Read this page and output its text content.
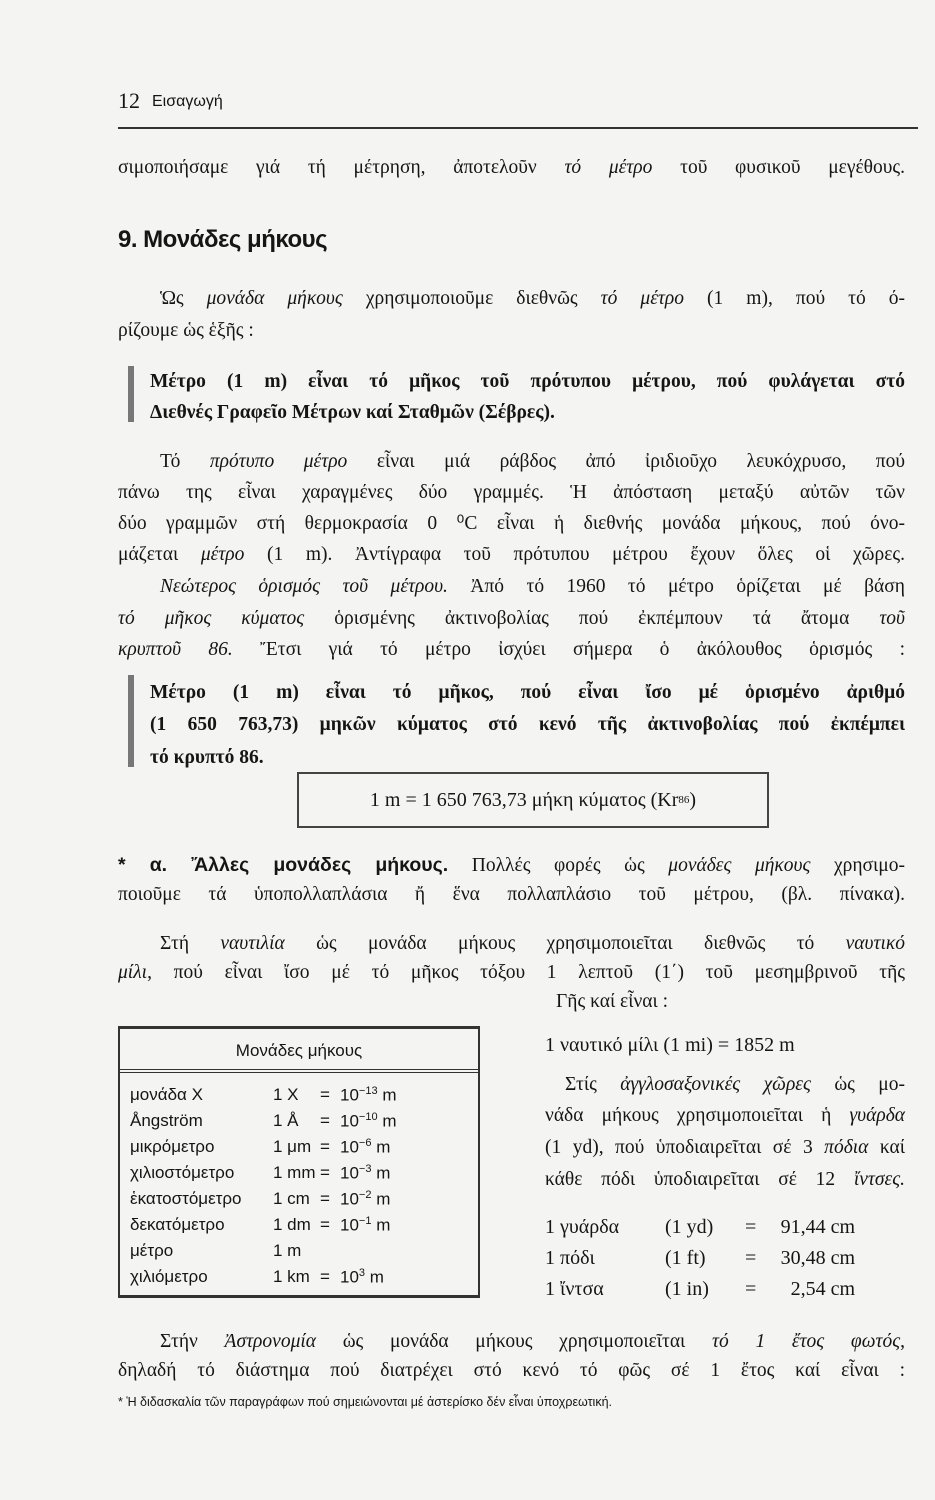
12 Εισαγωγή
σιμοποιήσαμε γιά τή μέτρηση, ἀποτελοῦν τό μέτρο τοῦ φυσικοῦ μεγέθους.
9. Μονάδες μήκους
Ὡς μονάδα μήκους χρησιμοποιοῦμε διεθνῶς τό μέτρο (1 m), πού τό ό-
ρίζουμε ὡς ἑξῆς :
Μέτρο (1 m) εἶναι τό μῆκος τοῦ πρότυπου μέτρου, πού φυλάγεται στό
Διεθνές Γραφεῖο Μέτρων καί Σταθμῶν (Σέβρες).
Τό πρότυπο μέτρο εἶναι μιά ράβδος ἀπό ἰριδιοῦχο λευκόχρυσο, πού
πάνω της εἶναι χαραγμένες δύο γραμμές. Ἡ ἀπόσταση μεταξύ αὐτῶν τῶν
δύο γραμμῶν στή θερμοκρασία 0 ⁰C εἶναι ἡ διεθνής μονάδα μήκους, πού όνο-
μάζεται μέτρο (1 m). Ἀντίγραφα τοῦ πρότυπου μέτρου ἔχουν ὅλες οἱ χῶρες.
Νεώτερος ὁρισμός τοῦ μέτρου. Ἀπό τό 1960 τό μέτρο ὁρίζεται μέ βάση
τό μῆκος κύματος ὁρισμένης ἀκτινοβολίας πού ἐκπέμπουν τά ἄτομα τοῦ
κρυπτοῦ 86. Ἔτσι γιά τό μέτρο ἰσχύει σήμερα ὁ ἀκόλουθος ὁρισμός :
Μέτρο (1 m) εἶναι τό μῆκος, πού εἶναι ἴσο μέ ὁρισμένο ἀριθμό
(1 650 763,73) μηκῶν κύματος στό κενό τῆς ἀκτινοβολίας πού ἐκπέμπει
τό κρυπτό 86.
1 m = 1 650 763,73 μήκη κύματος (Kr 86 )
* α. Ἄλλες μονάδες μήκους. Πολλές φορές ὡς μονάδες μήκους χρησιμο-
ποιοῦμε τά ὑποπολλαπλάσια ἤ ἕνα πολλαπλάσιο τοῦ μέτρου, (βλ. πίνακα).
Στή ναυτιλία ὡς μονάδα μήκους χρησιμοποιεῖται διεθνῶς τό ναυτικό
μίλι, πού εἶναι ἴσο μέ τό μῆκος τόξου 1 λεπτοῦ (1΄) τοῦ μεσημβρινοῦ τῆς
Γῆς καί εἶναι :
Μονάδες μήκους
μονάδα X	1 $X = 10^{-13}$ m
Ångström	1 Å = $10^{-10}$ m
μικρόμετρο	1 $\mu m = 10^{-6}$ m
χιλιοστόμετρο 1 mm = $10^{-3}$ m
ἑκατοστόμετρο 1 cm = $10^{-2}$ m
δεκατόμετρο	1 dm = $10^{-1}$ m
μέτρο	1 m
χιλιόμετρο	1 km = $10^3$ m
1 ναυτικό μίλι (1 mi) = 1852 m
Στίς ἀγγλοσαξονικές χῶρες ὡς μο-
νάδα μήκους χρησιμοποιεῖται ἡ γυάρδα
(1 yd), πού ὑποδιαιρεῖται σέ 3 πόδια καί
κάθε πόδι ὑποδιαιρεῖται σέ 12 ἴντσες.
1 γυάρδα (1 yd) = 91,44 cm
1 πόδι	(1 ft) = 30,48 cm
1 ἴντσα	(1 in) =	2,54 cm
Στήν Ἀστρονομία ὡς μονάδα μήκους χρησιμοποιεῖται τό 1 ἔτος φωτός,
δηλαδή τό διάστημα πού διατρέχει στό κενό τό φῶς σέ 1 ἔτος καί εἶναι :
* Ἡ διδασκαλία τῶν παραγράφων πού σημειώνονται μέ ἀστερίσκο δέν εἶναι ὑποχρεωτική.
